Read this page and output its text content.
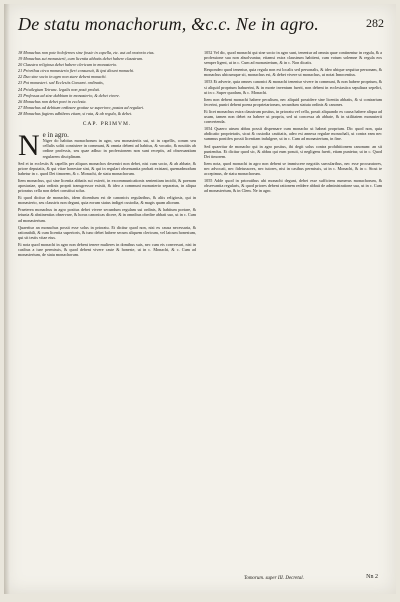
De statu monachorum, &c.c. Ne in agro.	282

18 Monachus non pote holofernes sine fossie in capella, etc. aut ad oratoria eius.

19 Monachus sui monasterii, cum licentia abbatis debet habere claustrum.

20 Claustra religiosa debet habere clericum in monasterio.

21 Prioribus circa monasteria fieri consueuit, & ipsi dicunt monachi.

22 Duo sine socio in agro non stare debent monachi.

23 Pot monasteri. sed Ecclesiis Conuent. ordinatis,

24 Priuilegium Tetrunc. legalis non posit prolati.

25 Professus ad sine dubbium in monasterio, & debet vivere.

26 Monachus non debet poni in ecclesia.

27 Monachus ad debitum ordinare gratiae se superiore, pastas ad regulari.

28 Monachus fugiens adhibens etiam, si rata, & ab regula, & debet.

CAP. PRIMVM.
N e in agro.

Niger do habitus monachorum in agro, seu monasteriis sui, ut in capellis, corum seu cellulis soliti consistere in communi, & omnia debent ad habitus, & vocatio, & nouitiis ab ordine professis, seu quae adhuc in professionem non sunt receptis, ad obseruantiam regularem disciplinam.

Sed et in ecclesiis & capellis per aliquos monachos deseruiri non debet, nisi cum socio, & ab abbate, & priore deputatis, & qui vitae honestae sint, & qui in regulari obseruantia probati existant, quemadmodum habetur in c. quod Dei timorem, & c. Monachi, de statu monachorum.

Item monachus, qui sine licentia abbatis sui exierit, in excommunicationis sententiam incidit, & poenam apostasiae, quia ordinis proprii transgressor existit, & ideo a communi monasterio separatus, in aliqua prioratus cella non debet constitui solus.

Et quod dicitur de monachis, idem dicendum est de canonicis regularibus, & aliis religiosis, qui in monasterio, seu claustris non degunt, quia eorum status indiget custodia, & magis quam aliorum.

Praeterea monachus in agro positus debet vivere secundum regulam sui ordinis, & habitum portare, & ieiunia & abstinentias observare, & horas canonicas dicere, & in omnibus obedire abbati suo, ut in c. Cum ad monasterium.

Quaeritur an monachus possit esse solus in prioratu. Et dicitur quod non, nisi ex causa necessaria, & rationabili, & cum licentia superioris, & tunc debet habere secum aliquem clericum, vel laicum honestum, qui sit testis vitae eius.

Et nota quod monachi in agro non debent tenere mulieres in domibus suis, nec cum eis conversari, nisi in casibus a iure permissis, & quod debent vivere caste & honeste, ut in c. Monachi, & c. Cum ad monasterium, de statu monachorum.

1052 Vel dic, quod monachi qui sine socio in agro sunt, tenentur ad omnia quae continentur in regula, & a professione sua non absolvuntur, etiamsi extra claustrum habitent, cum votum solemne & regula eos semper ligent, ut in c. Cum ad monasterium, & in c. Non dicatis.

Respondeo quod tenentur, quia regula non est localis sed personalis, & ideo ubique sequitur personam, & monachus ubicumque sit, monachus est, & debet vivere ut monachus, ut notat Innocentius.

1053 Et adverte, quia omnes canonici & monachi tenentur vivere in communi, & non habere proprium, & si aliquid proprium habuerint, & in morte inventum fuerit, non debent in ecclesiastica sepultura sepeliri, ut in c. Super quodam, & c. Monachi.

Item non debent monachi habere peculium, nec aliquid possidere sine licentia abbatis, & si contrarium fecerint, puniri debent poena proprietariorum, secundum statuta ordinis & canones.

Et licet monachus extra claustrum positus, in prioratu vel cella, possit aliquando ex causa habere aliqua ad usum, tamen non debet ea habere ut propria, sed ut concessa ab abbate, & in utilitatem monasterii convertenda.

1054 Quaero utrum abbas possit dispensare cum monacho ut habeat proprium. Dic quod non, quia abdicatio proprietatis, sicut & custodia castitatis, adeo est annexa regulae monachali, ut contra eam nec summus pontifex possit licentiam indulgere, ut in c. Cum ad monasterium, in fine.

Sed quaeritur de monacho qui in agro positus, ibi degit solus contra prohibitionem canonum: an sit puniendus. Et dicitur quod sic, & abbas qui eum posuit, si negligens fuerit, etiam punietur, ut in c. Quod Dei timorem.

Item nota, quod monachi in agro non debent se immiscere negotiis saecularibus, nec esse procuratores, nec advocati, nec fideiussores, nec tutores, nisi in casibus permissis, ut in c. Monachi, & in c. Sicut te accepimus, de statu monachorum.

1055 Adde quod in prioratibus ubi monachi degunt, debet esse sufficiens numerus monachorum, & observantia regularis, & quod priores debent rationem reddere abbati de administratione sua, ut in c. Cum ad monasterium, & in Clem. Ne in agro.

Tomorum. super III. Decretal.	Nn 2
